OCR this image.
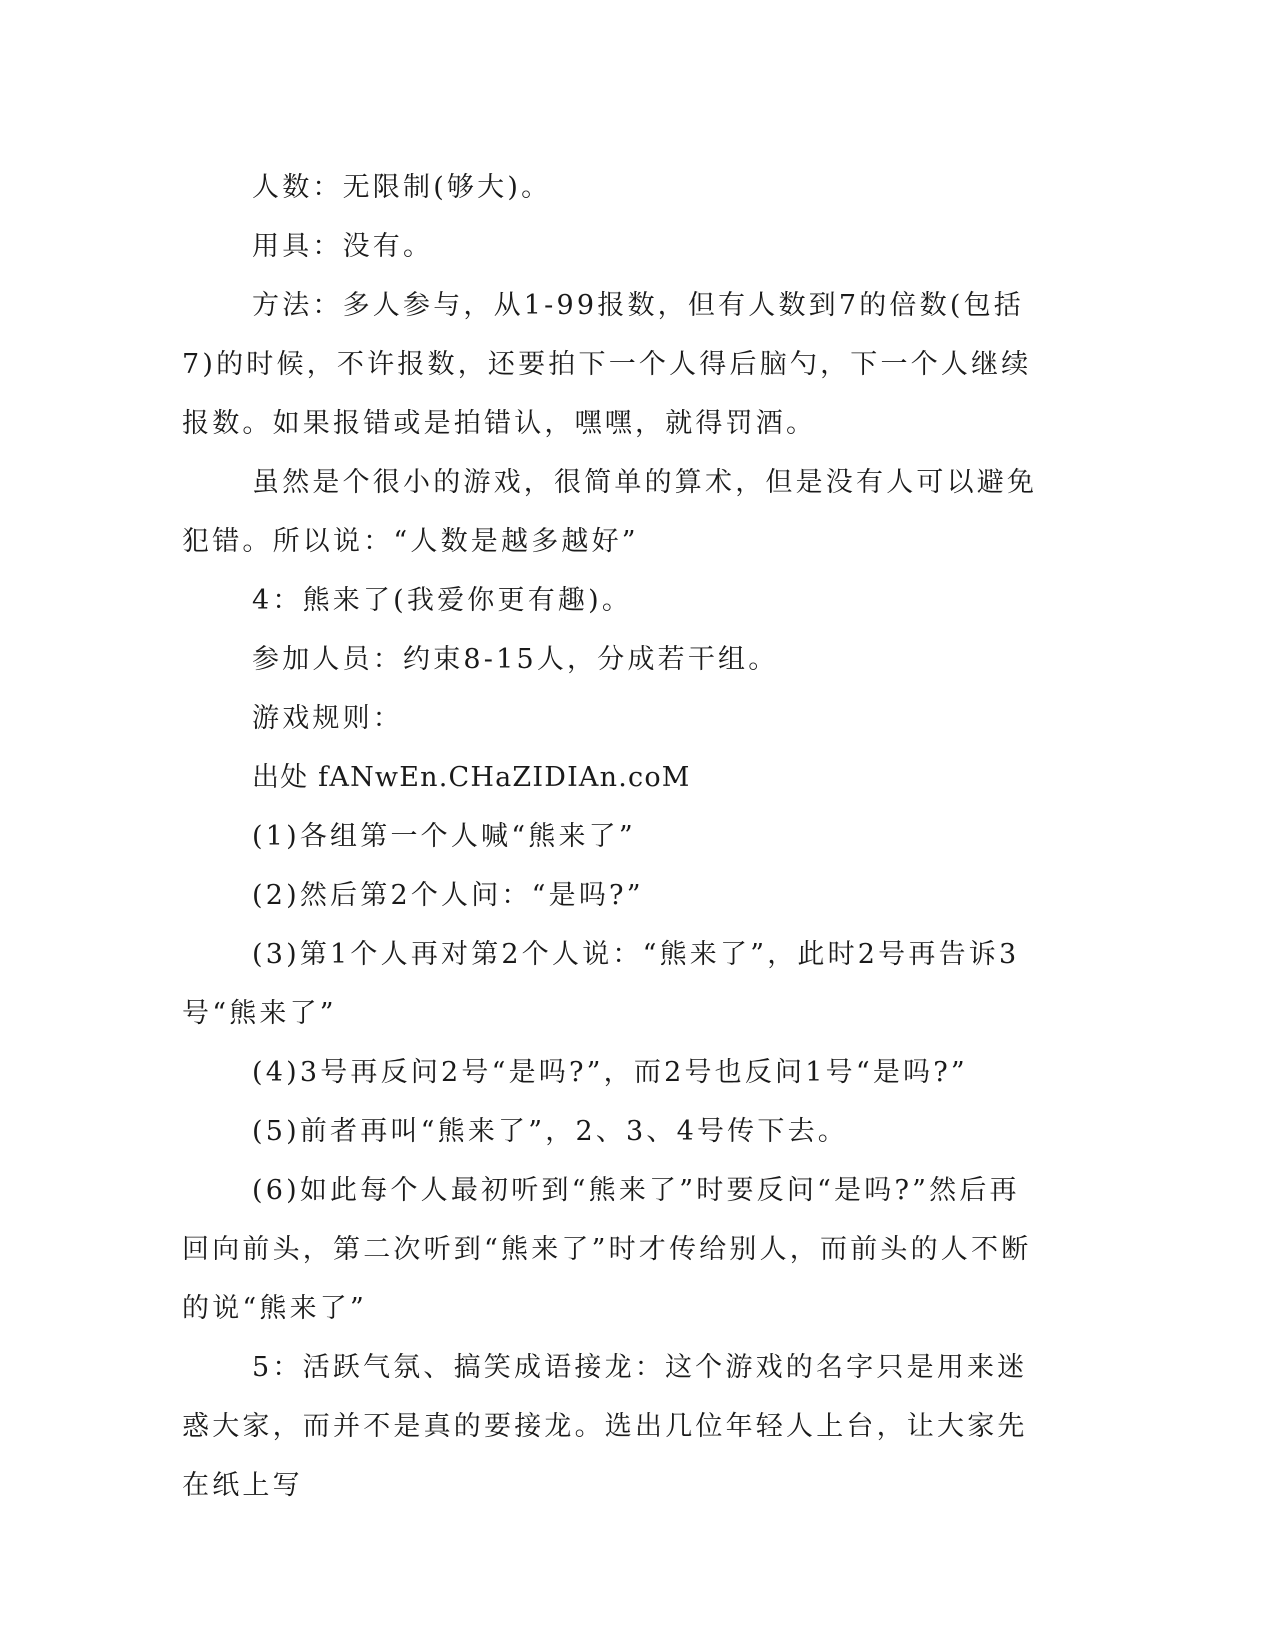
人数：无限制(够大)。

用具：没有。

方法：多人参与，从1-99报数，但有人数到7的倍数(包括7)的时候，不许报数，还要拍下一个人得后脑勺，下一个人继续报数。如果报错或是拍错认，嘿嘿，就得罚酒。

虽然是个很小的游戏，很简单的算术，但是没有人可以避免犯错。所以说：“人数是越多越好”

4：熊来了(我爱你更有趣)。

参加人员：约束8-15人，分成若干组。

游戏规则：

出处 fANwEn.CHaZIDIAn.coM

(1)各组第一个人喊“熊来了”

(2)然后第2个人问：“是吗?”

(3)第1个人再对第2个人说：“熊来了”，此时2号再告诉3号“熊来了”

(4)3号再反问2号“是吗?”，而2号也反问1号“是吗?”

(5)前者再叫“熊来了”，2、3、4号传下去。

(6)如此每个人最初听到“熊来了”时要反问“是吗?”然后再回向前头，第二次听到“熊来了”时才传给别人，而前头的人不断的说“熊来了”

5：活跃气氛、搞笑成语接龙：这个游戏的名字只是用来迷惑大家，而并不是真的要接龙。选出几位年轻人上台，让大家先在纸上写
